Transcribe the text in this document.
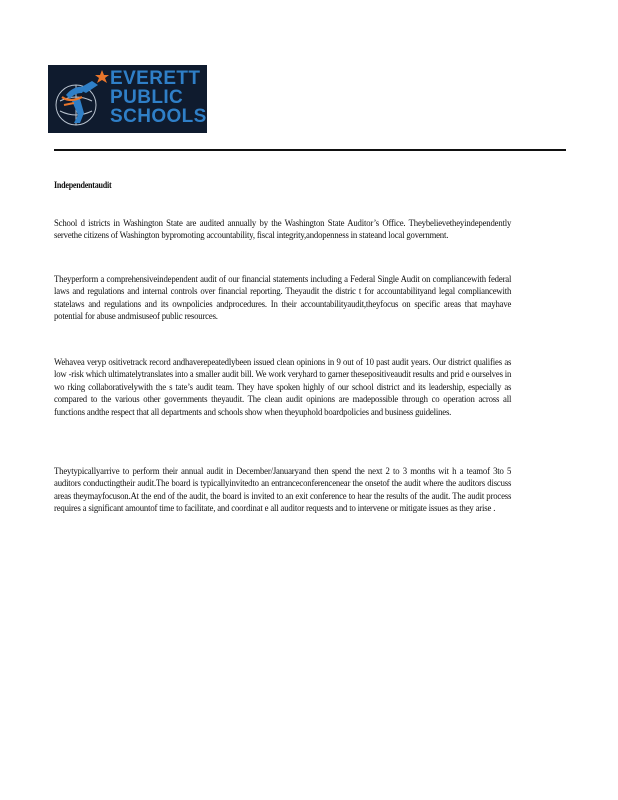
EVERETT
PUBLIC
SCHOOLS
Independentaudit

School d istricts in Washington State are audited annually by the Washington State Auditor’s Office. Theybelievetheyindependently servethe citizens of Washington bypromoting accountability, fiscal integrity,andopenness in stateand local government.

Theyperform a comprehensiveindependent audit of our financial statements including a Federal Single Audit on compliancewith federal laws and regulations and internal controls over financial reporting. Theyaudit the distric t for accountabilityand legal compliancewith statelaws and regulations and its ownpolicies andprocedures. In their accountabilityaudit,theyfocus on specific areas that mayhave potential for abuse andmisuseof public resources.

Wehavea veryp ositivetrack record andhaverepeatedlybeen issued clean opinions in 9 out of 10 past audit years. Our district qualifies as low -risk which ultimatelytranslates into a smaller audit bill. We work veryhard to garner thesepositiveaudit results and prid e ourselves in wo rking collaborativelywith the s tate’s audit team. They have spoken highly of our school district and its leadership, especially as compared to the various other governments theyaudit. The clean audit opinions are madepossible through co operation across all functions andthe respect that all departments and schools show when theyuphold boardpolicies and business guidelines.

Theytypicallyarrive to perform their annual audit in December/Januaryand then spend the next 2 to 3 months wit h a teamof 3to 5 auditors conductingtheir audit.The board is typicallyinvitedto an entranceconferencenear the onsetof the audit where the auditors discuss areas theymayfocuson.At the end of the audit, the board is invited to an exit conference to hear the results of the audit. The audit process requires a significant amountof time to facilitate, and coordinat e all auditor requests and to intervene or mitigate issues as they arise .
